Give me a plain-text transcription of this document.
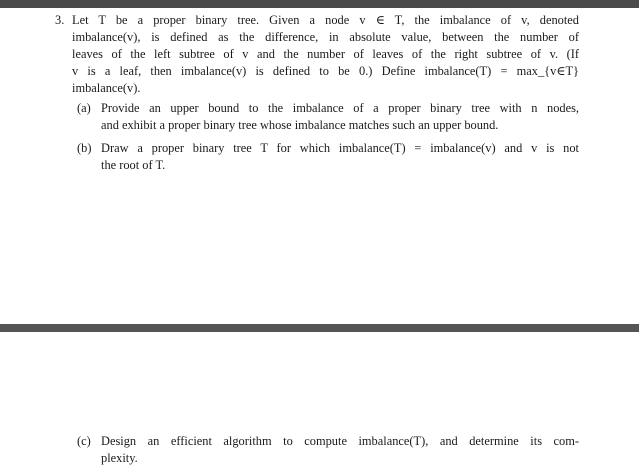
3. Let T be a proper binary tree. Given a node v ∈ T, the imbalance of v, denoted
imbalance(v), is defined as the difference, in absolute value, between the number of
leaves of the left subtree of v and the number of leaves of the right subtree of v. (If
v is a leaf, then imbalance(v) is defined to be 0.) Define imbalance(T) = max_{v∈T}
imbalance(v).
(a) Provide an upper bound to the imbalance of a proper binary tree with n nodes,
and exhibit a proper binary tree whose imbalance matches such an upper bound.
(b) Draw a proper binary tree T for which imbalance(T) = imbalance(v) and v is not
the root of T.
(c) Design an efficient algorithm to compute imbalance(T), and determine its com-
plexity.
